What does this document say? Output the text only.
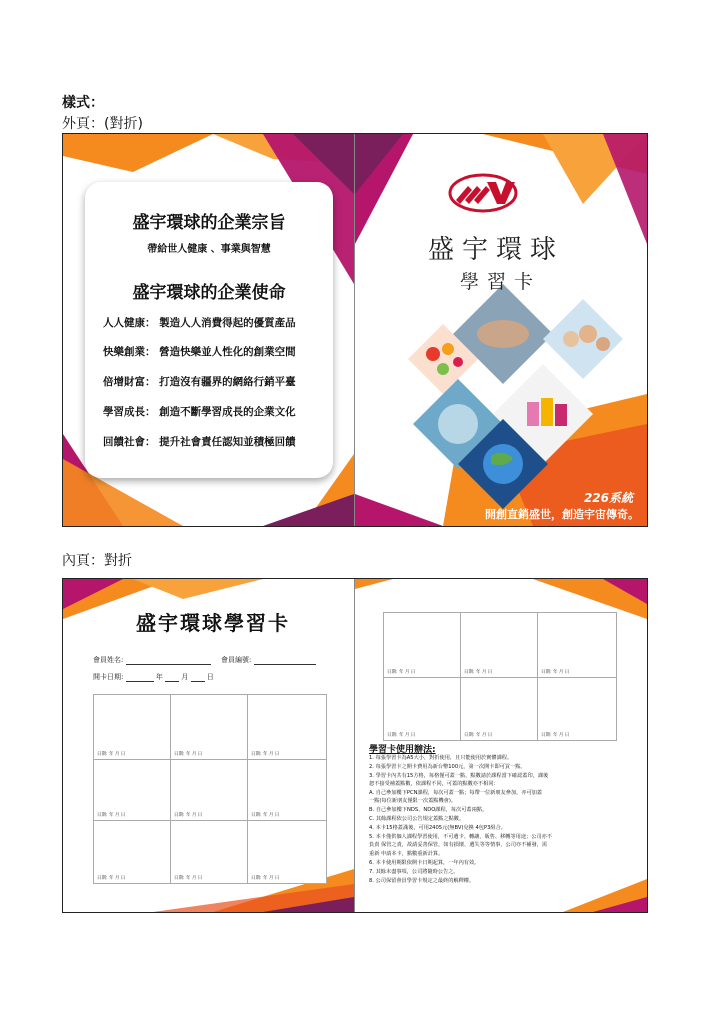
樣式：
外頁：(對折)
盛宇環球的企業宗旨
帶給世人健康 、事業與智慧
盛宇環球的企業使命
人人健康： 製造人人消費得起的優質產品
快樂創業： 營造快樂並人性化的創業空間
倍增財富： 打造沒有疆界的網絡行銷平臺
學習成長： 創造不斷學習成長的企業文化
回饋社會： 提升社會責任認知並積極回饋
盛宇環球
學習卡
226系統
開創直銷盛世，創造宇宙傳奇。
內頁：對折
盛宇環球學習卡
會員姓名:	會員編號:
開卡日期:	年	月	日
日期: 年 月 日	日期: 年 月 日	日期: 年 月 日
日期: 年 月 日	日期: 年 月 日	日期: 年 月 日
日期: 年 月 日	日期: 年 月 日	日期: 年 月 日
日期: 年 月 日	日期: 年 月 日	日期: 年 月 日
日期: 年 月 日	日期: 年 月 日	日期: 年 月 日
學習卡使用辦法:
1. 每張學習卡為A5大小，對折使用，且只能使用於實體課程。
2. 每張學習卡之開卡費用為新台幣100元，第一次開卡即可買一點。
3. 學習卡內共有15方格，每格僅可蓋一點，點數請於課程當下確認蓋印，課後
恕不接受補蓋點數，依課程不同，可蓋的點數亦不相同：
A. 自己參加樓下PCN課程，每次可蓋一點；每帶一位新朋友參加，亦可加蓋
一點(每位新朋友僅限一次蓋點機會)。
B. 自己參加樓下NDS、NDO課程，每次可蓋兩點。
C. 其餘課程依公司公告規定蓋點之點數。
4. 本卡15格蓋滿後，可用2405元(無BV)兌換 4包P3組合。
5. 本卡僅供個人課程學習使用，不可遺卡、轉讓、販售、移轉等用途；公司亦不
負責 保管之責，故請妥善保管，如有損壞、遺失等等情事，公司亦不補發，需
重新 申請本卡，點數重新計算。
6. 本卡使用期限依開卡日期起算，一年內有效。
7. 其餘未盡事項，公司將隨時公告之。
8. 公司保留會員學習卡規定之最終的解釋權。
